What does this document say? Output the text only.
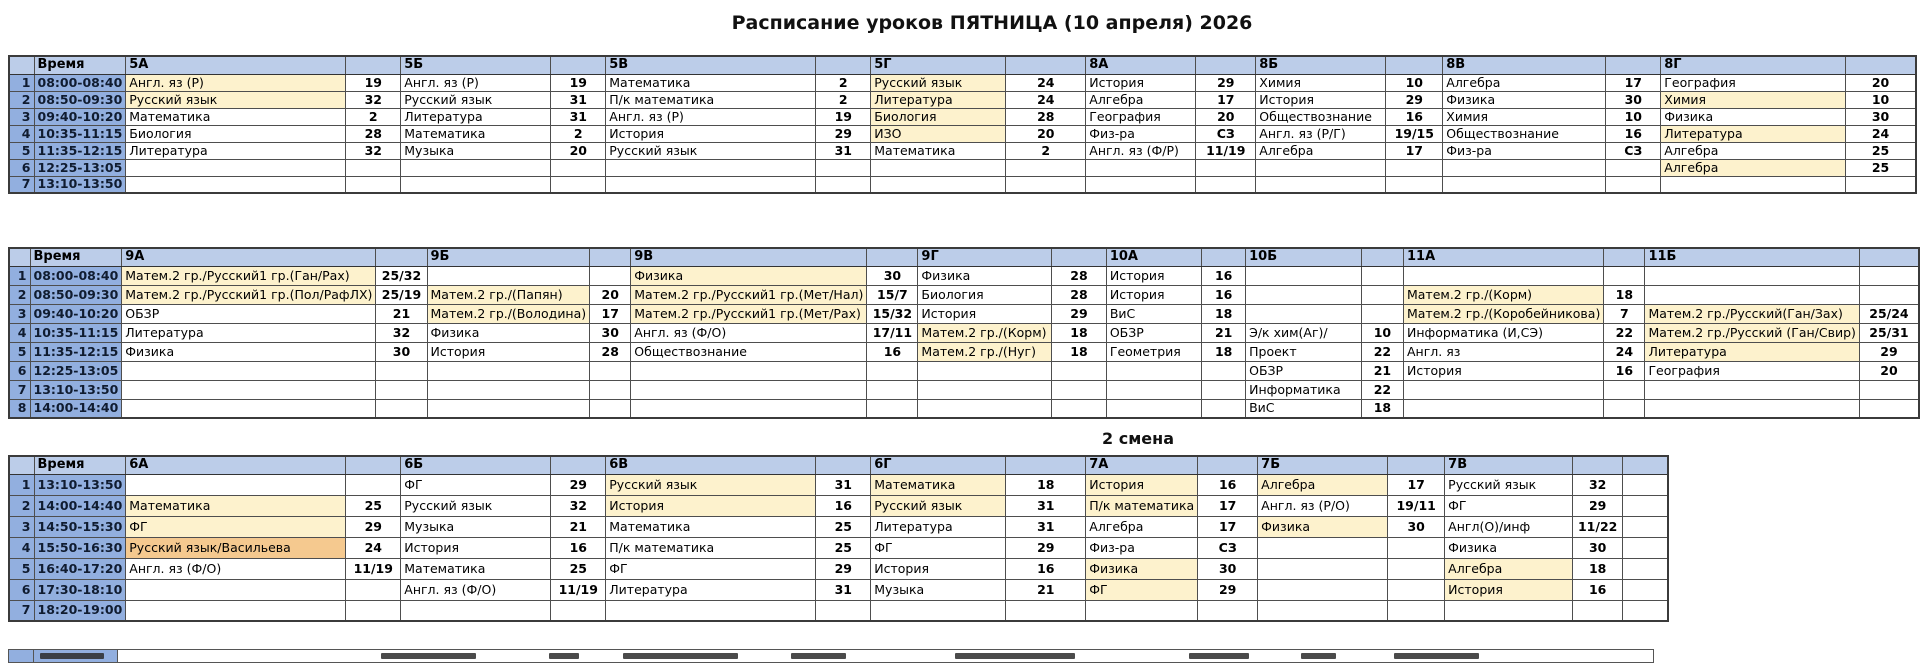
Расписание уроков ПЯТНИЦА (10 апреля) 2026
	Время	5А		5Б		5В		5Г		8А		8Б		8В		8Г	
1	08:00-08:40	Англ. яз (Р)	19	Англ. яз (Р)	19	Математика	2	Русский язык	24	История	29	Химия	10	Алгебра	17	География	20
2	08:50-09:30	Русский язык	32	Русский язык	31	П/к математика	2	Литература	24	Алгебра	17	История	29	Физика	30	Химия	10
3	09:40-10:20	Математика	2	Литература	31	Англ. яз (Р)	19	Биология	28	География	20	Обществознание	16	Химия	10	Физика	30
4	10:35-11:15	Биология	28	Математика	2	История	29	ИЗО	20	Физ-ра	СЗ	Англ. яз (Р/Г)	19/15	Обществознание	16	Литература	24
5	11:35-12:15	Литература	32	Музыка	20	Русский язык	31	Математика	2	Англ. яз (Ф/Р)	11/19	Алгебра	17	Физ-ра	СЗ	Алгебра	25
6	12:25-13:05															Алгебра	25
7	13:10-13:50																
	Время	9А		9Б		9В		9Г		10А		10Б		11А		11Б	
1	08:00-08:40	Матем.2 гр./Русский1 гр.(Ган/Рах)	25/32			Физика	30	Физика	28	История	16						
2	08:50-09:30	Матем.2 гр./Русский1 гр.(Пол/РафЛХ)	25/19	Матем.2 гр./(Папян)	20	Матем.2 гр./Русский1 гр.(Мет/Нал)	15/7	Биология	28	История	16			Матем.2 гр./(Корм)	18		
3	09:40-10:20	ОБЗР	21	Матем.2 гр./(Володина)	17	Матем.2 гр./Русский1 гр.(Мет/Рах)	15/32	История	29	ВиС	18			Матем.2 гр./(Коробейникова)	7	Матем.2 гр./Русский(Ган/Зах)	25/24
4	10:35-11:15	Литература	32	Физика	30	Англ. яз (Ф/О)	17/11	Матем.2 гр./(Корм)	18	ОБЗР	21	Э/к хим(Аг)/	10	Информатика (И,СЭ)	22	Матем.2 гр./Русский (Ган/Свир)	25/31
5	11:35-12:15	Физика	30	История	28	Обществознание	16	Матем.2 гр./(Нуг)	18	Геометрия	18	Проект	22	Англ. яз	24	Литература	29
6	12:25-13:05											ОБЗР	21	История	16	География	20
7	13:10-13:50											Информатика	22				
8	14:00-14:40											ВиС	18				
	Время	6А		6Б		6В		6Г		7А		7Б		7В		
1	13:10-13:50			ФГ	29	Русский язык	31	Математика	18	История	16	Алгебра	17	Русский язык	32	
2	14:00-14:40	Математика	25	Русский язык	32	История	16	Русский язык	31	П/к математика	17	Англ. яз (Р/О)	19/11	ФГ	29	
3	14:50-15:30	ФГ	29	Музыка	21	Математика	25	Литература	31	Алгебра	17	Физика	30	Англ(О)/инф	11/22	
4	15:50-16:30	Русский язык/Васильева	24	История	16	П/к математика	25	ФГ	29	Физ-ра	СЗ			Физика	30	
5	16:40-17:20	Англ. яз (Ф/О)	11/19	Математика	25	ФГ	29	История	16	Физика	30			Алгебра	18	
6	17:30-18:10			Англ. яз (Ф/О)	11/19	Литература	31	Музыка	21	ФГ	29			История	16	
7	18:20-19:00															
2 смена
